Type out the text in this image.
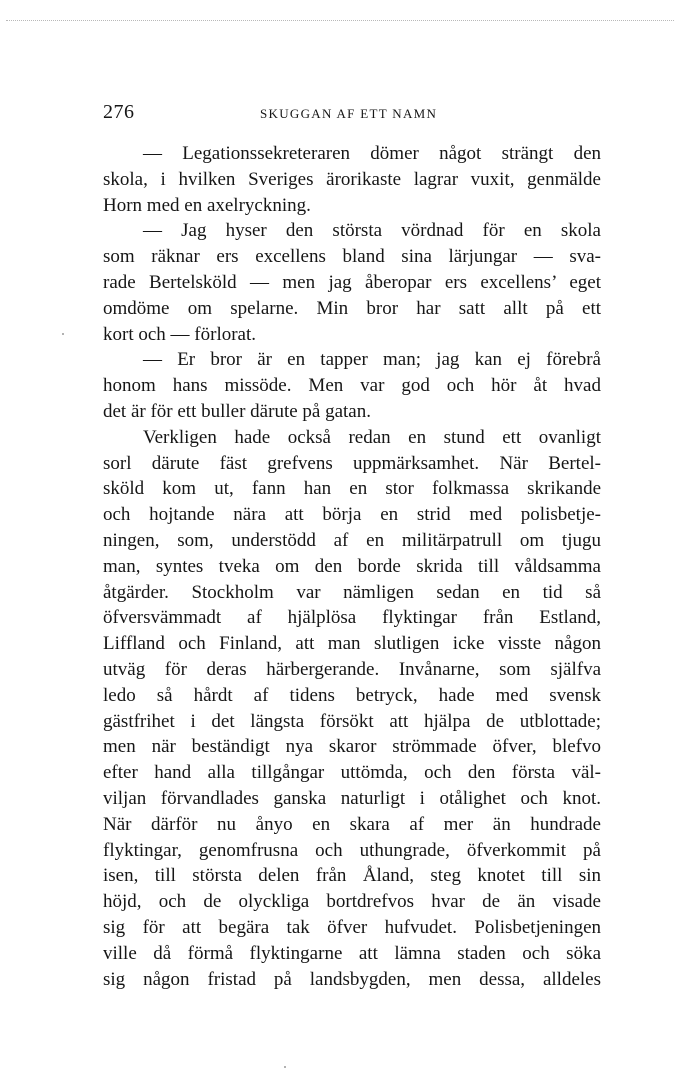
276	SKUGGAN AF ETT NAMN
— Legationssekreteraren dömer något strängt den
skola, i hvilken Sveriges ärorikaste lagrar vuxit, genmälde
Horn med en axelryckning.
— Jag hyser den största vördnad för en skola
som räknar ers excellens bland sina lärjungar — sva-
rade Bertelsköld — men jag åberopar ers excellens’ eget
omdöme om spelarne. Min bror har satt allt på ett
kort och — förlorat.
— Er bror är en tapper man; jag kan ej förebrå
honom hans missöde. Men var god och hör åt hvad
det är för ett buller därute på gatan.
Verkligen hade också redan en stund ett ovanligt
sorl därute fäst grefvens uppmärksamhet. När Bertel-
sköld kom ut, fann han en stor folkmassa skrikande
och hojtande nära att börja en strid med polisbetje-
ningen, som, understödd af en militärpatrull om tjugu
man, syntes tveka om den borde skrida till våldsamma
åtgärder. Stockholm var nämligen sedan en tid så
öfversvämmadt af hjälplösa flyktingar från Estland,
Liffland och Finland, att man slutligen icke visste någon
utväg för deras härbergerande. Invånarne, som själfva
ledo så hårdt af tidens betryck, hade med svensk
gästfrihet i det längsta försökt att hjälpa de utblottade;
men när beständigt nya skaror strömmade öfver, blefvo
efter hand alla tillgångar uttömda, och den första väl-
viljan förvandlades ganska naturligt i otålighet och knot.
När därför nu ånyo en skara af mer än hundrade
flyktingar, genomfrusna och uthungrade, öfverkommit på
isen, till största delen från Åland, steg knotet till sin
höjd, och de olyckliga bortdrefvos hvar de än visade
sig för att begära tak öfver hufvudet. Polisbetjeningen
ville då förmå flyktingarne att lämna staden och söka
sig någon fristad på landsbygden, men dessa, alldeles
